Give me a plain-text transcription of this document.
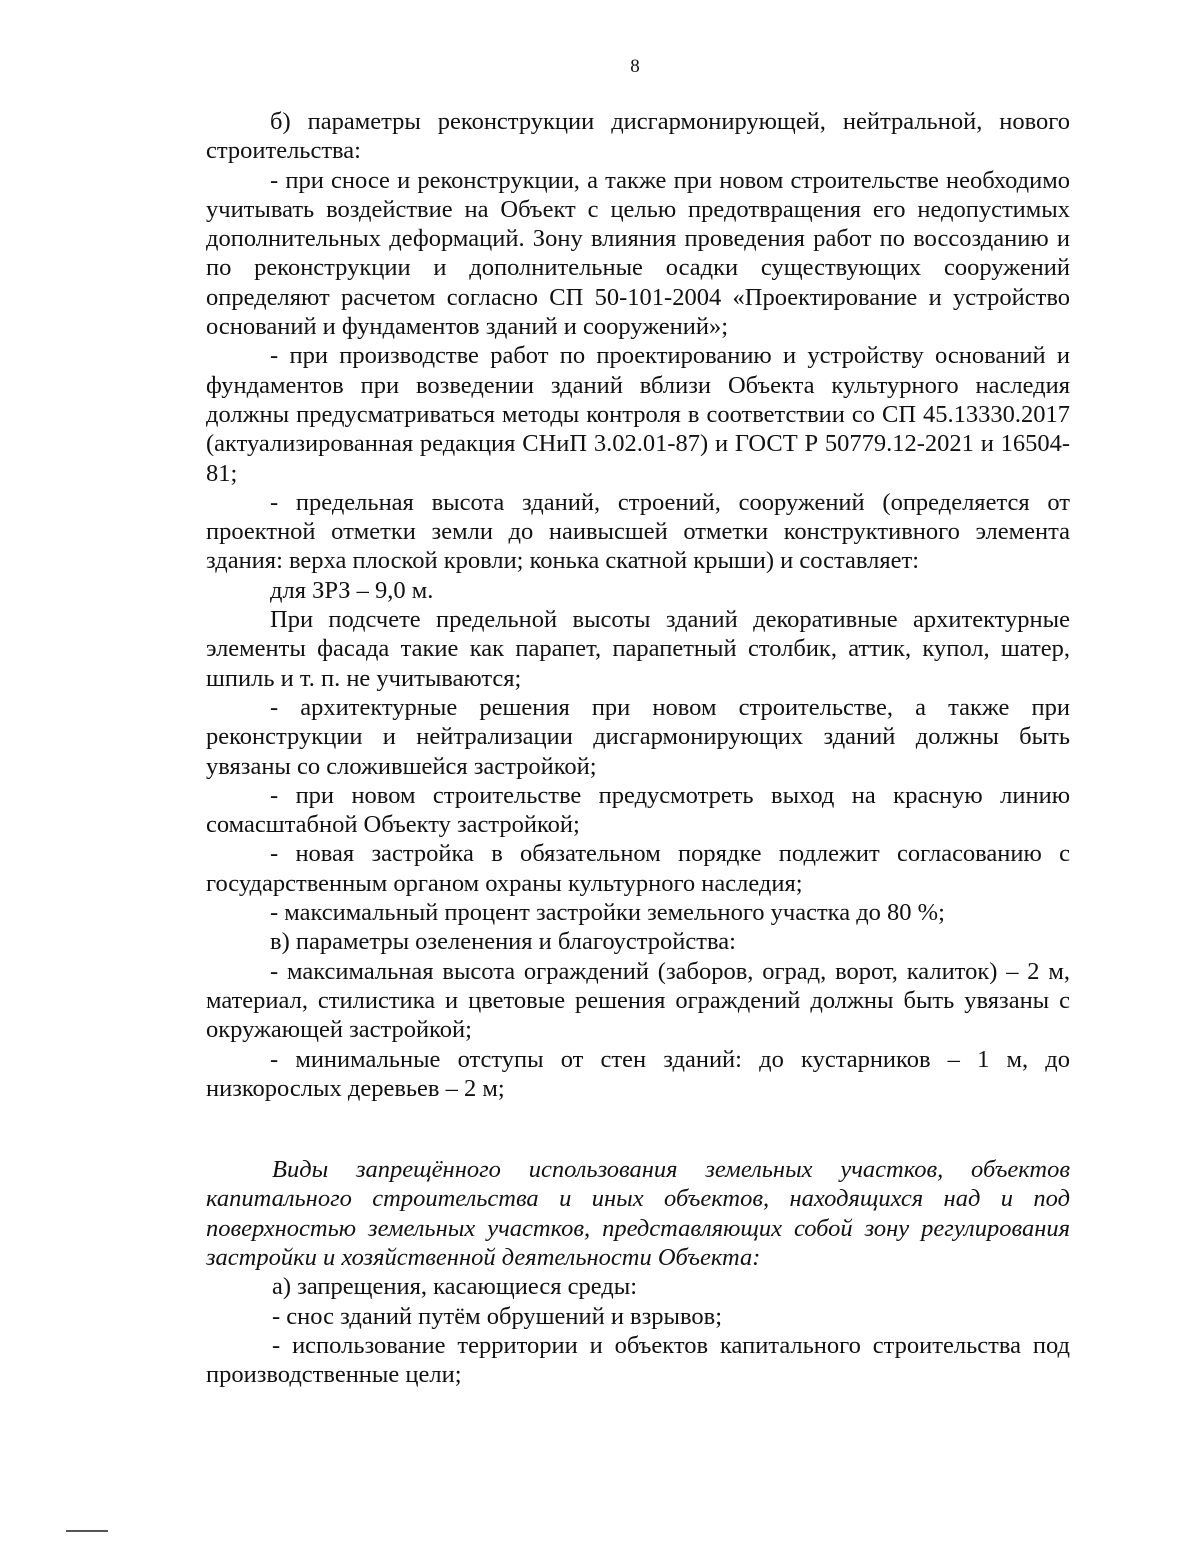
8

б) параметры реконструкции дисгармонирующей, нейтральной, нового строительства:

- при сносе и реконструкции, а также при новом строительстве необходимо учитывать воздействие на Объект с целью предотвращения его недопустимых дополнительных деформаций. Зону влияния проведения работ по воссозданию и по реконструкции и дополнительные осадки существующих сооружений определяют расчетом согласно СП 50-101-2004 «Проектирование и устройство оснований и фундаментов зданий и сооружений»;

- при производстве работ по проектированию и устройству оснований и фундаментов при возведении зданий вблизи Объекта культурного наследия должны предусматриваться методы контроля в соответствии со СП 45.13330.2017 (актуализированная редакция СНиП 3.02.01-87) и ГОСТ Р 50779.12-2021 и 16504-81;

- предельная высота зданий, строений, сооружений (определяется от проектной отметки земли до наивысшей отметки конструктивного элемента здания: верха плоской кровли; конька скатной крыши) и составляет:

для ЗРЗ – 9,0 м.

При подсчете предельной высоты зданий декоративные архитектурные элементы фасада такие как парапет, парапетный столбик, аттик, купол, шатер, шпиль и т. п. не учитываются;

- архитектурные решения при новом строительстве, а также при реконструкции и нейтрализации дисгармонирующих зданий должны быть увязаны со сложившейся застройкой;

- при новом строительстве предусмотреть выход на красную линию сомасштабной Объекту застройкой;

- новая застройка в обязательном порядке подлежит согласованию с государственным органом охраны культурного наследия;

- максимальный процент застройки земельного участка до 80 %;

в) параметры озеленения и благоустройства:

- максимальная высота ограждений (заборов, оград, ворот, калиток) – 2 м, материал, стилистика и цветовые решения ограждений должны быть увязаны с окружающей застройкой;

- минимальные отступы от стен зданий: до кустарников – 1 м, до низкорослых деревьев – 2 м;

Виды запрещённого использования земельных участков, объектов капитального строительства и иных объектов, находящихся над и под поверхностью земельных участков, представляющих собой зону регулирования застройки и хозяйственной деятельности Объекта:

а) запрещения, касающиеся среды:

- снос зданий путём обрушений и взрывов;

- использование территории и объектов капитального строительства под производственные цели;
